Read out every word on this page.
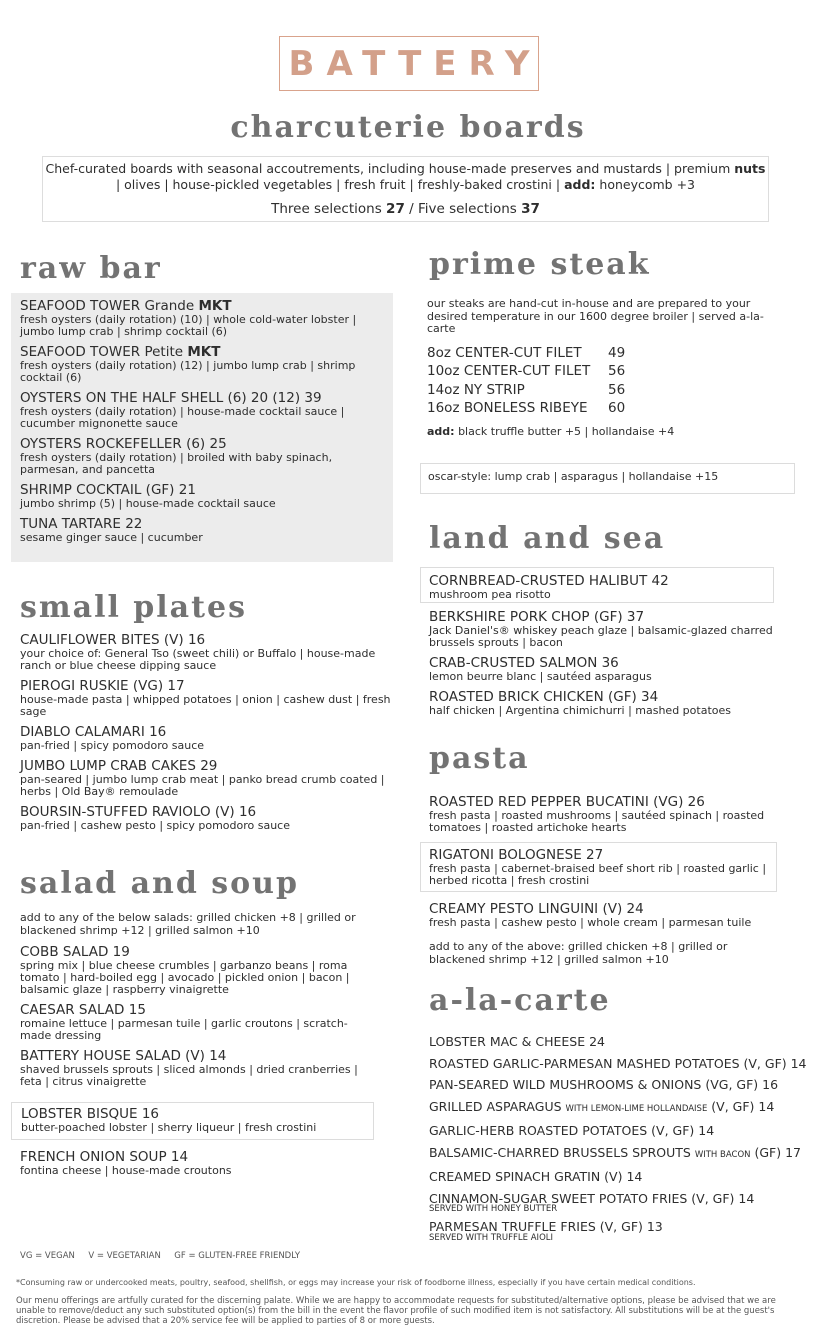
BATTERY
charcuterie boards
Chef-curated boards with seasonal accoutrements, including house-made preserves and mustards | premium nuts | olives | house-pickled vegetables | fresh fruit | freshly-baked crostini | add: honeycomb +3
Three selections 27 / Five selections 37
raw bar
SEAFOOD TOWER Grande MKT
fresh oysters (daily rotation) (10) | whole cold-water lobster | jumbo lump crab | shrimp cocktail (6)
SEAFOOD TOWER Petite MKT
fresh oysters (daily rotation) (12) | jumbo lump crab | shrimp cocktail (6)
OYSTERS ON THE HALF SHELL (6) 20 (12) 39
fresh oysters (daily rotation) | house-made cocktail sauce | cucumber mignonette sauce
OYSTERS ROCKEFELLER (6) 25
fresh oysters (daily rotation) | broiled with baby spinach, parmesan, and pancetta
SHRIMP COCKTAIL (GF) 21
jumbo shrimp (5) | house-made cocktail sauce
TUNA TARTARE 22
sesame ginger sauce | cucumber
small plates
CAULIFLOWER BITES (V) 16
your choice of: General Tso (sweet chili) or Buffalo | house-made ranch or blue cheese dipping sauce
PIEROGI RUSKIE (VG) 17
house-made pasta | whipped potatoes | onion | cashew dust | fresh sage
DIABLO CALAMARI 16
pan-fried | spicy pomodoro sauce
JUMBO LUMP CRAB CAKES 29
pan-seared | jumbo lump crab meat | panko bread crumb coated | herbs | Old Bay® remoulade
BOURSIN-STUFFED RAVIOLO (V) 16
pan-fried | cashew pesto | spicy pomodoro sauce
salad and soup
add to any of the below salads: grilled chicken +8 | grilled or blackened shrimp +12 | grilled salmon +10
COBB SALAD 19
spring mix | blue cheese crumbles | garbanzo beans | roma tomato | hard-boiled egg | avocado | pickled onion | bacon | balsamic glaze | raspberry vinaigrette
CAESAR SALAD 15
romaine lettuce | parmesan tuile | garlic croutons | scratch-made dressing
BATTERY HOUSE SALAD (V) 14
shaved brussels sprouts | sliced almonds | dried cranberries | feta | citrus vinaigrette
LOBSTER BISQUE 16
butter-poached lobster | sherry liqueur | fresh crostini
FRENCH ONION SOUP 14
fontina cheese | house-made croutons
prime steak
our steaks are hand-cut in-house and are prepared to your desired temperature in our 1600 degree broiler | served a-la-carte
8oz CENTER-CUT FILET	49
10oz CENTER-CUT FILET	56
14oz NY STRIP	56
16oz BONELESS RIBEYE	60
add: black truffle butter +5 | hollandaise +4
oscar-style: lump crab | asparagus | hollandaise +15
land and sea
CORNBREAD-CRUSTED HALIBUT 42
mushroom pea risotto
BERKSHIRE PORK CHOP (GF) 37
Jack Daniel's® whiskey peach glaze | balsamic-glazed charred brussels sprouts | bacon
CRAB-CRUSTED SALMON 36
lemon beurre blanc | sautéed asparagus
ROASTED BRICK CHICKEN (GF) 34
half chicken | Argentina chimichurri | mashed potatoes
pasta
ROASTED RED PEPPER BUCATINI (VG) 26
fresh pasta | roasted mushrooms | sautéed spinach | roasted tomatoes | roasted artichoke hearts
RIGATONI BOLOGNESE 27
fresh pasta | cabernet-braised beef short rib | roasted garlic | herbed ricotta | fresh crostini
CREAMY PESTO LINGUINI (V) 24
fresh pasta | cashew pesto | whole cream | parmesan tuile
add to any of the above: grilled chicken +8 | grilled or blackened shrimp +12 | grilled salmon +10
a-la-carte
LOBSTER MAC & CHEESE 24
ROASTED GARLIC-PARMESAN MASHED POTATOES (V, GF) 14
PAN-SEARED WILD MUSHROOMS & ONIONS (VG, GF) 16
GRILLED ASPARAGUS WITH LEMON-LIME HOLLANDAISE (V, GF) 14
GARLIC-HERB ROASTED POTATOES (V, GF) 14
BALSAMIC-CHARRED BRUSSELS SPROUTS WITH BACON (GF) 17
CREAMED SPINACH GRATIN (V) 14
CINNAMON-SUGAR SWEET POTATO FRIES (V, GF) 14
SERVED WITH HONEY BUTTER
PARMESAN TRUFFLE FRIES (V, GF) 13
SERVED WITH TRUFFLE AIOLI
VG = VEGAN     V = VEGETARIAN     GF = GLUTEN-FREE FRIENDLY
*Consuming raw or undercooked meats, poultry, seafood, shellfish, or eggs may increase your risk of foodborne illness, especially if you have certain medical conditions.
Our menu offerings are artfully curated for the discerning palate. While we are happy to accommodate requests for substituted/alternative options, please be advised that we are unable to remove/deduct any such substituted option(s) from the bill in the event the flavor profile of such modified item is not satisfactory. All substitutions will be at the guest's discretion. Please be advised that a 20% service fee will be applied to parties of 8 or more guests.
